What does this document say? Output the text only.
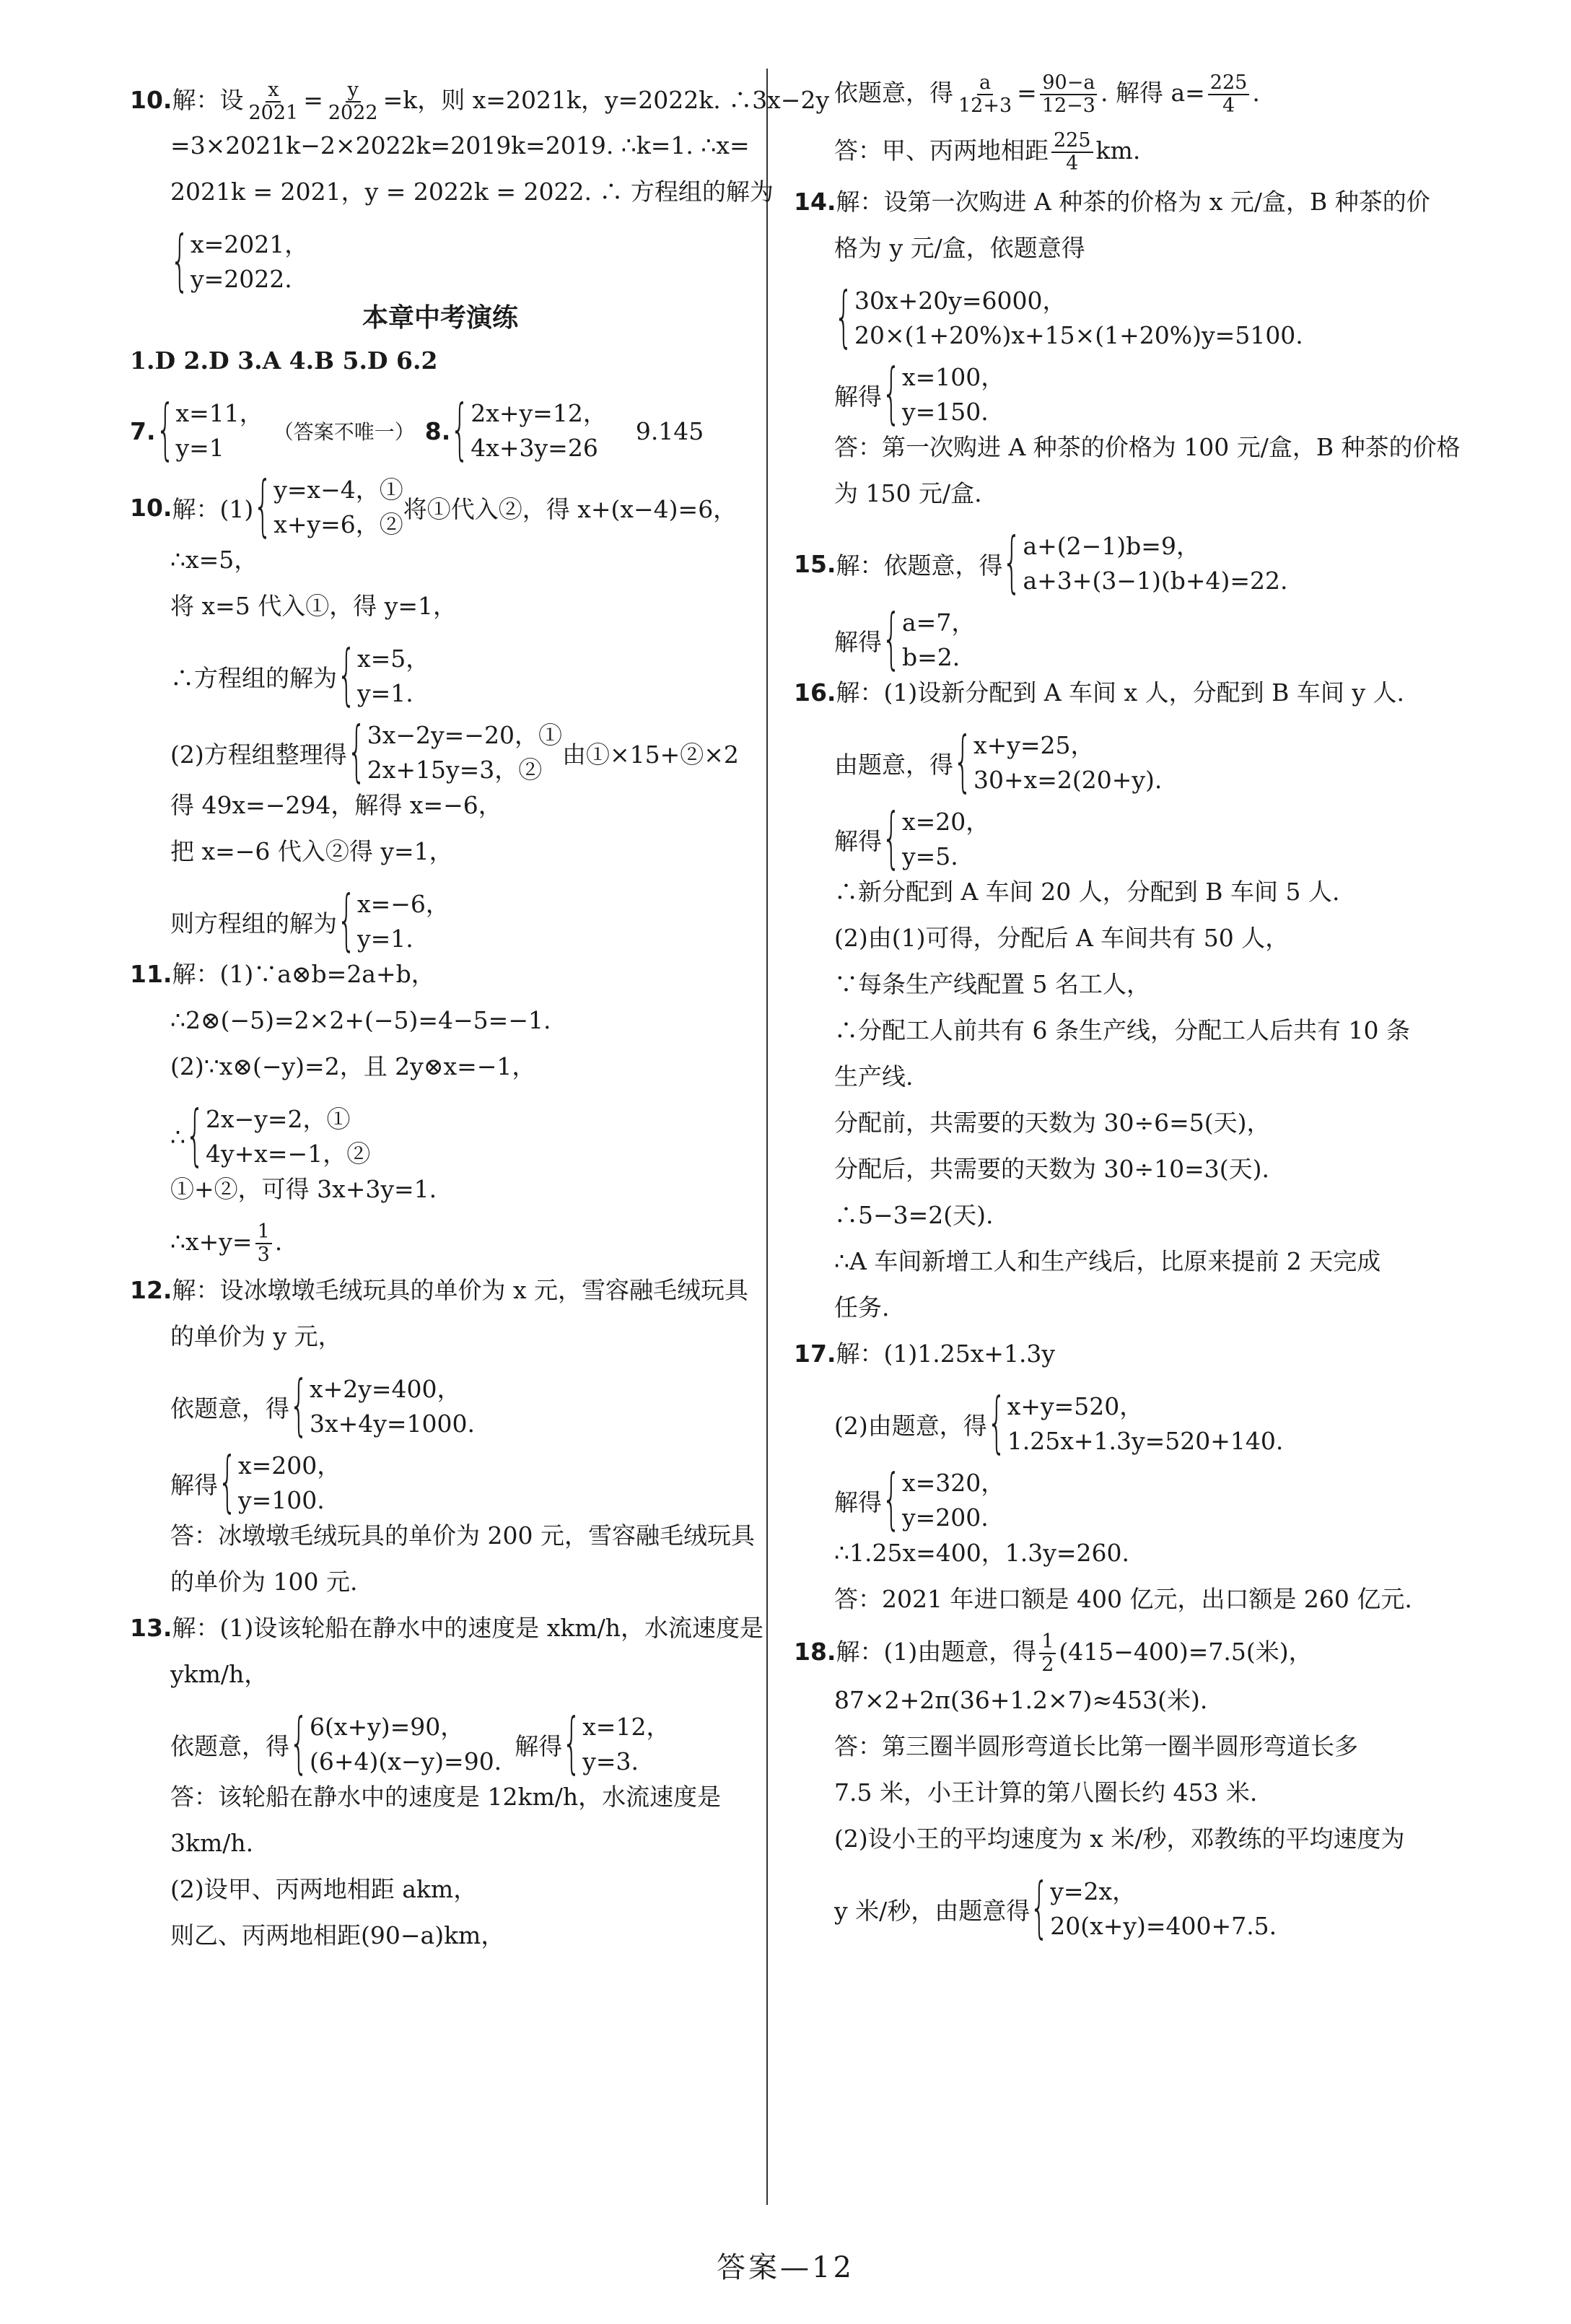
10.解：设 $\frac{x}{2021} = \frac{y}{2022} =k$，则 x=2021k，y=2022k. ∴3x−2y
=3×2021k−2×2022k=2019k=2019. ∴k=1. ∴x=
2021k = 2021，y = 2022k = 2022. ∴ 方程组的解为
{ x=2021，
y=2022.
本章中考演练
1.D 2.D 3.A 4.B 5.D 6.2
7. { x=11，
y=1
（答案不唯一） 8. { 2x+y=12，
4x+3y=26
9.145
10. 解：(1) { y=x−4，①
x+y=6，②
将①代入②，得 x+(x−4)=6，
∴x=5，
将 x=5 代入①，得 y=1，
∴方程组的解为 { x=5，
y=1.
(2)方程组整理得 { 3x−2y=−20，①
2x+15y=3，②
由①×15+②×2
得 49x=−294，解得 x=−6，
把 x=−6 代入②得 y=1，
则方程组的解为 { x=−6，
y=1.
11.解：(1)∵a⊗b=2a+b，
∴2⊗(−5)=2×2+(−5)=4−5=−1.
(2)∵x⊗(−y)=2，且 2y⊗x=−1，
∴ { 2x−y=2，①
4y+x=−1，②
①+②，可得 3x+3y=1.
∴x+y= $\frac{1}{3}$ .
12.解：设冰墩墩毛绒玩具的单价为 x 元，雪容融毛绒玩具
的单价为 y 元，
依题意，得 { x+2y=400，
3x+4y=1000.
解得 { x=200，
y=100.
答：冰墩墩毛绒玩具的单价为 200 元，雪容融毛绒玩具
的单价为 100 元.
13.解：(1)设该轮船在静水中的速度是 xkm/h，水流速度是
ykm/h，
依题意，得 { 6(x+y)=90，
(6+4)(x−y)=90.
解得 { x=12，
y=3.
答：该轮船在静水中的速度是 12km/h，水流速度是
3km/h.
(2)设甲、丙两地相距 akm，
则乙、丙两地相距(90−a)km，
依题意，得 $\frac{a}{12+3} = \frac{90-a}{12-3}$ . 解得 $a= \frac{225}{4}$ .
答：甲、丙两地相距 $\frac{225}{4}$ km.
14.解：设第一次购进 A 种茶的价格为 x 元/盒，B 种茶的价
格为 y 元/盒，依题意得
{ 30x+20y=6000，
20×(1+20%)x+15×(1+20%)y=5100.
解得 { x=100，
y=150.
答：第一次购进 A 种茶的价格为 100 元/盒，B 种茶的价格
为 150 元/盒.
15. 解：依题意，得 { a+(2−1)b=9，
a+3+(3−1)(b+4)=22.
解得 { a=7，
b=2.
16.解：(1)设新分配到 A 车间 x 人，分配到 B 车间 y 人.
由题意，得 { x+y=25，
30+x=2(20+y).
解得 { x=20，
y=5.
∴新分配到 A 车间 20 人，分配到 B 车间 5 人.
(2)由(1)可得，分配后 A 车间共有 50 人，
∵每条生产线配置 5 名工人，
∴分配工人前共有 6 条生产线，分配工人后共有 10 条
生产线.
分配前，共需要的天数为 30÷6=5(天)，
分配后，共需要的天数为 30÷10=3(天).
∴5−3=2(天).
∴A 车间新增工人和生产线后，比原来提前 2 天完成
任务.
17.解：(1)1.25x+1.3y
(2)由题意，得 { x+y=520，
1.25x+1.3y=520+140.
解得 { x=320，
y=200.
∴1.25x=400，1.3y=260.
答：2021 年进口额是 400 亿元，出口额是 260 亿元.
18.解：(1)由题意，得 $\frac{1}{2} (415-400)=7.5$(米)，
87×2+2π(36+1.2×7)≈453(米).
答：第三圈半圆形弯道长比第一圈半圆形弯道长多
7.5 米，小王计算的第八圈长约 453 米.
(2)设小王的平均速度为 x 米/秒，邓教练的平均速度为
y 米/秒，由题意得 { y=2x，
20(x+y)=400+7.5.
答案—12
